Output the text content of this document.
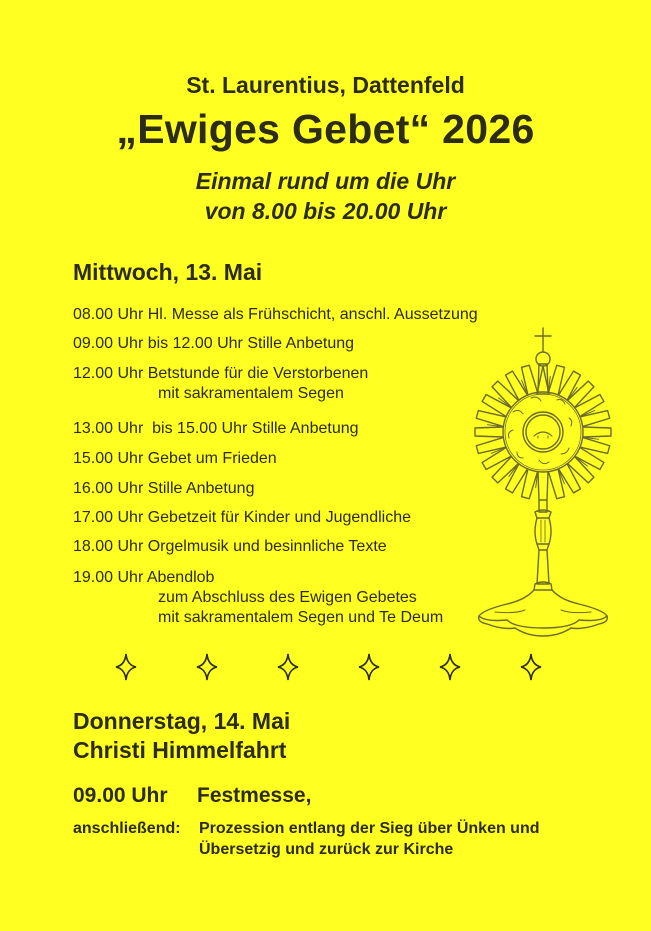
St. Laurentius, Dattenfeld
„Ewiges Gebet“ 2026
Einmal rund um die Uhr
von 8.00 bis 20.00 Uhr
Mittwoch, 13. Mai
08.00 Uhr Hl. Messe als Frühschicht, anschl. Aussetzung
09.00 Uhr bis 12.00 Uhr Stille Anbetung
12.00 Uhr Betstunde für die Verstorbenen
mit sakramentalem Segen
13.00 Uhr  bis 15.00 Uhr Stille Anbetung
15.00 Uhr Gebet um Frieden
16.00 Uhr Stille Anbetung
17.00 Uhr Gebetzeit für Kinder und Jugendliche
18.00 Uhr Orgelmusik und besinnliche Texte
19.00 Uhr Abendlob
zum Abschluss des Ewigen Gebetes
mit sakramentalem Segen und Te Deum
Donnerstag, 14. Mai
Christi Himmelfahrt
09.00 Uhr Festmesse,
anschließend: Prozession entlang der Sieg über Ünken und
Übersetzig und zurück zur Kirche
